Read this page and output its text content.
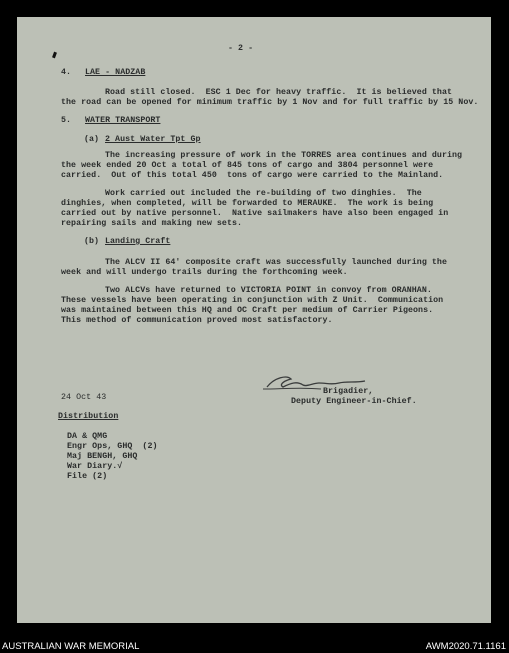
- 2 -
4. LAE - NADZAB
Road still closed.  ESC 1 Dec for heavy traffic.  It is believed that
the road can be opened for minimum traffic by 1 Nov and for full traffic by 15 Nov.
5. WATER TRANSPORT
(a) 2 Aust Water Tpt Gp
The increasing pressure of work in the TORRES area continues and during
the week ended 20 Oct a total of 845 tons of cargo and 3804 personnel were
carried.  Out of this total 450  tons of cargo were carried to the Mainland.
Work carried out included the re-building of two dinghies.  The
dinghies, when completed, will be forwarded to MERAUKE.  The work is being
carried out by native personnel.  Native sailmakers have also been engaged in
repairing sails and making new sets.
(b) Landing Craft
The ALCV II 64' composite craft was successfully launched during the
week and will undergo trails during the forthcoming week.
Two ALCVs have returned to VICTORIA POINT in convoy from ORANHAN.
These vessels have been operating in conjunction with Z Unit.  Communication
was maintained between this HQ and OC Craft per medium of Carrier Pigeons.
This method of communication proved most satisfactory.
Brigadier,
Deputy Engineer-in-Chief.
24 Oct 43
Distribution
DA & QMG
Engr Ops, GHQ  (2)
Maj BENGH, GHQ
War Diary.√
File (2)
AUSTRALIAN WAR MEMORIAL	AWM2020.71.1161
